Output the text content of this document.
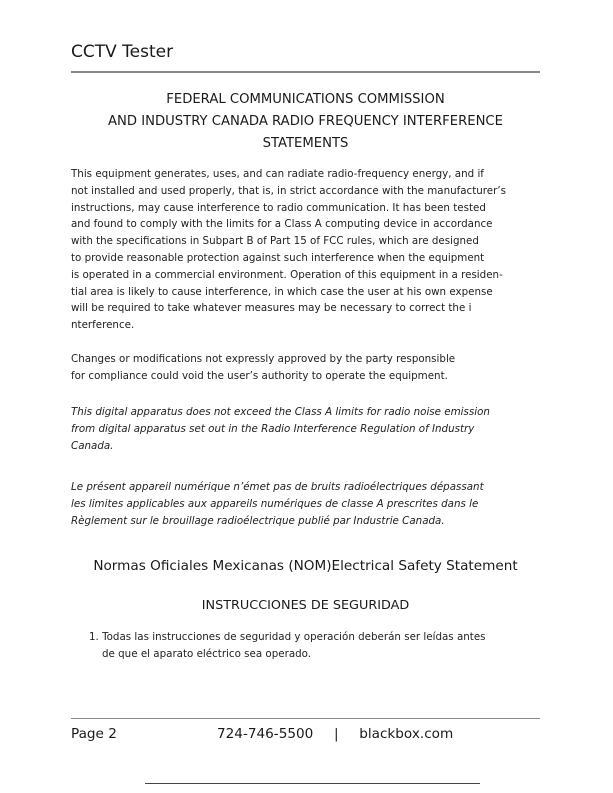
CCTV Tester
FEDERAL COMMUNICATIONS COMMISSION
AND INDUSTRY CANADA RADIO FREQUENCY INTERFERENCE
STATEMENTS
This equipment generates, uses, and can radiate radio-frequency energy, and if
not installed and used properly, that is, in strict accordance with the manufacturer’s
instructions, may cause interference to radio communication. It has been tested
and found to comply with the limits for a Class A computing device in accordance
with the specifications in Subpart B of Part 15 of FCC rules, which are designed
to provide reasonable protection against such interference when the equipment
is operated in a commercial environment. Operation of this equipment in a residen-
tial area is likely to cause interference, in which case the user at his own expense
will be required to take whatever measures may be necessary to correct the i
nterference.
Changes or modifications not expressly approved by the party responsible
for compliance could void the user’s authority to operate the equipment.
This digital apparatus does not exceed the Class A limits for radio noise emission
from digital apparatus set out in the Radio Interference Regulation of Industry
Canada.
Le présent appareil numérique n’émet pas de bruits radioélectriques dépassant
les limites applicables aux appareils numériques de classe A prescrites dans le
Règlement sur le brouillage radioélectrique publié par Industrie Canada.
Normas Oficiales Mexicanas (NOM)Electrical Safety Statement
INSTRUCCIONES DE SEGURIDAD
1. Todas las instrucciones de seguridad y operación deberán ser leídas antes
de que el aparato eléctrico sea operado.
Page 2	724-746-5500 | blackbox.com
